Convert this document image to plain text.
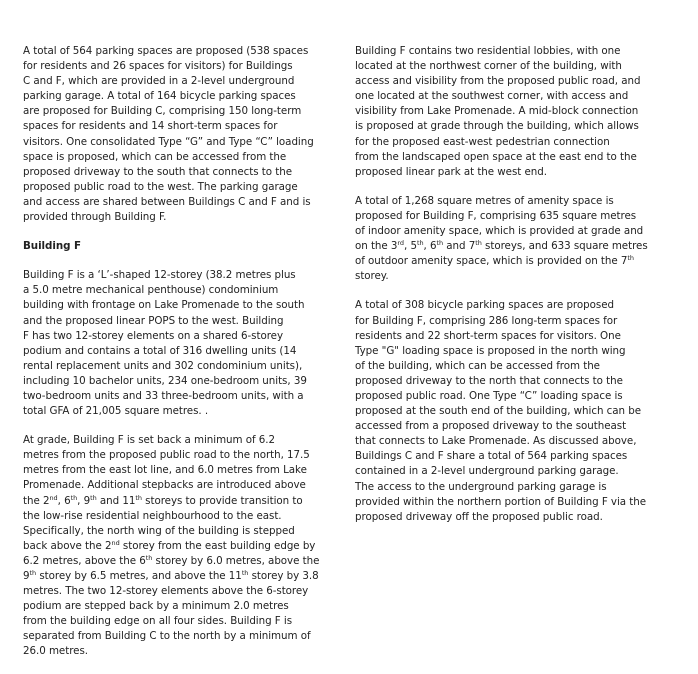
A total of 564 parking spaces are proposed (538 spaces
for residents and 26 spaces for visitors) for Buildings
C and F, which are provided in a 2-level underground
parking garage. A total of 164 bicycle parking spaces
are proposed for Building C, comprising 150 long-term
spaces for residents and 14 short-term spaces for
visitors. One consolidated Type “G” and Type “C” loading
space is proposed, which can be accessed from the
proposed driveway to the south that connects to the
proposed public road to the west. The parking garage
and access are shared between Buildings C and F and is
provided through Building F.
Building F
Building F is a ‘L’-shaped 12-storey (38.2 metres plus
a 5.0 metre mechanical penthouse) condominium
building with frontage on Lake Promenade to the south
and the proposed linear POPS to the west. Building
F has two 12-storey elements on a shared 6-storey
podium and contains a total of 316 dwelling units (14
rental replacement units and 302 condominium units),
including 10 bachelor units, 234 one-bedroom units, 39
two-bedroom units and 33 three-bedroom units, with a
total GFA of 21,005 square metres. .
At grade, Building F is set back a minimum of 6.2
metres from the proposed public road to the north, 17.5
metres from the east lot line, and 6.0 metres from Lake
Promenade. Additional stepbacks are introduced above
the 2nd, 6th, 9th and 11th storeys to provide transition to
the low-rise residential neighbourhood to the east.
Specifically, the north wing of the building is stepped
back above the 2nd storey from the east building edge by
6.2 metres, above the 6th storey by 6.0 metres, above the
9th storey by 6.5 metres, and above the 11th storey by 3.8
metres. The two 12-storey elements above the 6-storey
podium are stepped back by a minimum 2.0 metres
from the building edge on all four sides. Building F is
separated from Building C to the north by a minimum of
26.0 metres.
Building F contains two residential lobbies, with one
located at the northwest corner of the building, with
access and visibility from the proposed public road, and
one located at the southwest corner, with access and
visibility from Lake Promenade. A mid-block connection
is proposed at grade through the building, which allows
for the proposed east-west pedestrian connection
from the landscaped open space at the east end to the
proposed linear park at the west end.
A total of 1,268 square metres of amenity space is
proposed for Building F, comprising 635 square metres
of indoor amenity space, which is provided at grade and
on the 3rd, 5th, 6th and 7th storeys, and 633 square metres
of outdoor amenity space, which is provided on the 7th
storey.
A total of 308 bicycle parking spaces are proposed
for Building F, comprising 286 long-term spaces for
residents and 22 short-term spaces for visitors. One
Type "G" loading space is proposed in the north wing
of the building, which can be accessed from the
proposed driveway to the north that connects to the
proposed public road. One Type “C” loading space is
proposed at the south end of the building, which can be
accessed from a proposed driveway to the southeast
that connects to Lake Promenade. As discussed above,
Buildings C and F share a total of 564 parking spaces
contained in a 2-level underground parking garage.
The access to the underground parking garage is
provided within the northern portion of Building F via the
proposed driveway off the proposed public road.
